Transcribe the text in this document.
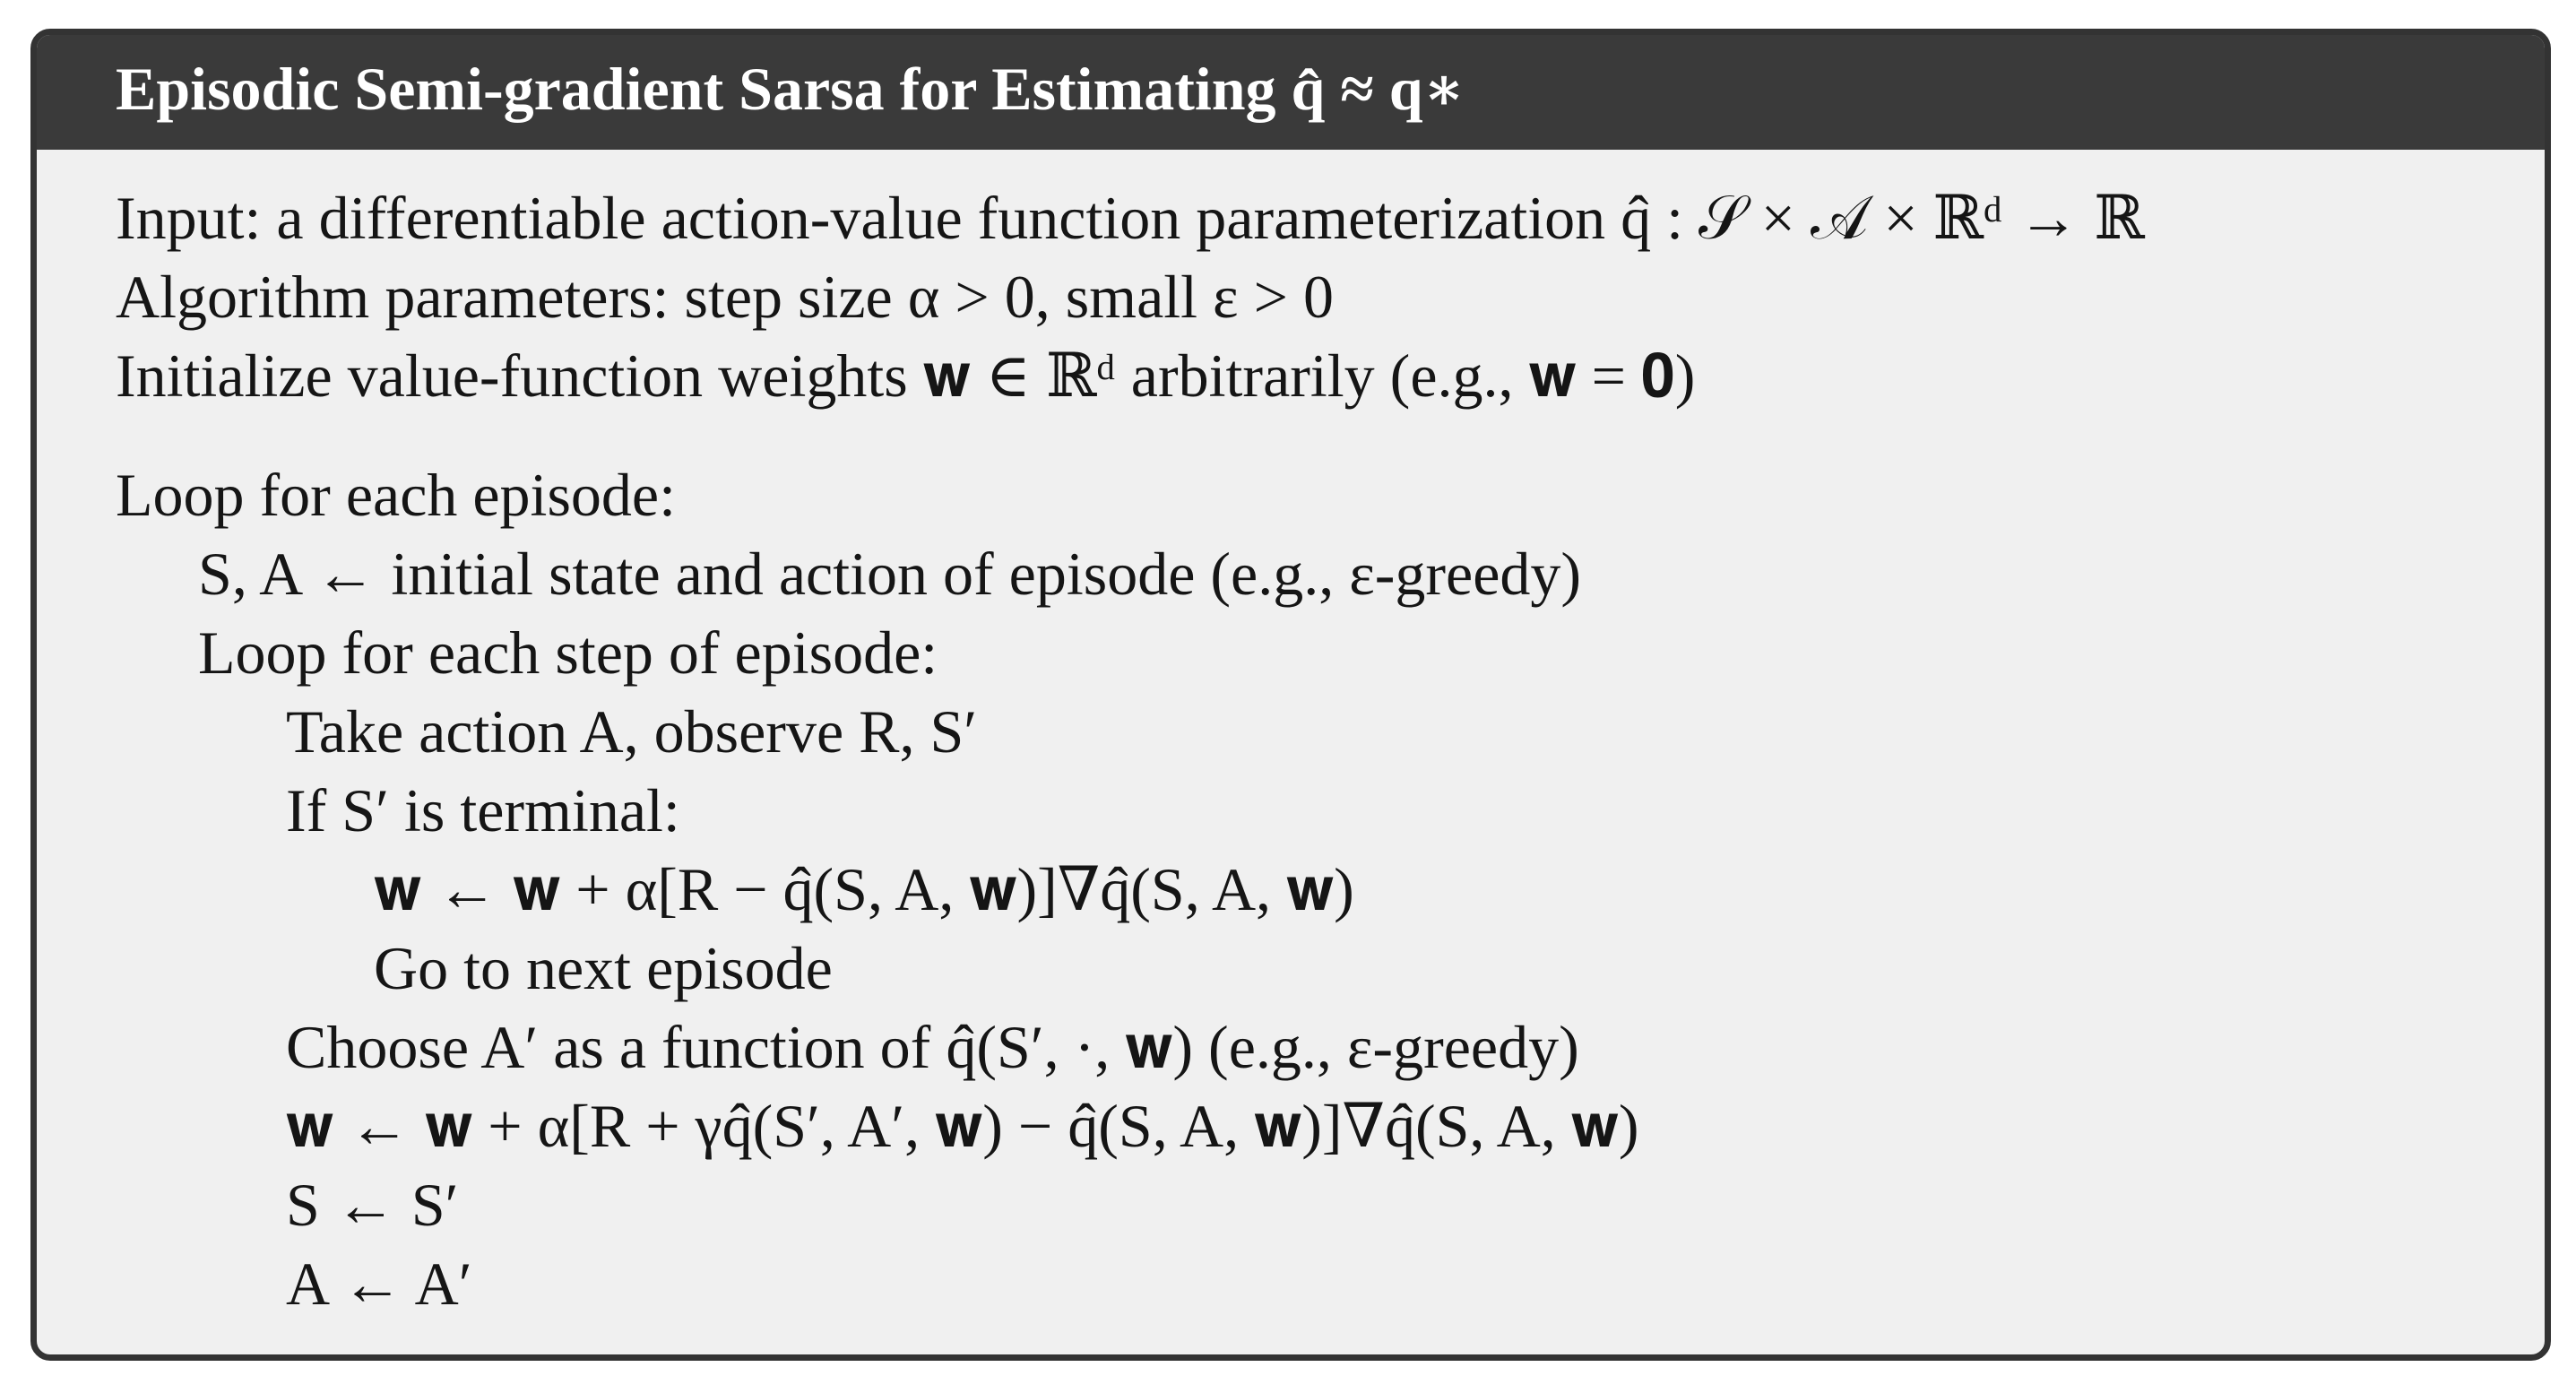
Episodic Semi-gradient Sarsa for Estimating q̂ ≈ q∗
Input: a differentiable action-value function parameterization q̂ : 𝒮 × 𝒜 × ℝᵈ → ℝ
Algorithm parameters: step size α > 0, small ε > 0
Initialize value-function weights 𝐰 ∈ ℝᵈ arbitrarily (e.g., 𝐰 = 𝟎)
Loop for each episode:
S, A ← initial state and action of episode (e.g., ε-greedy)
Loop for each step of episode:
Take action A, observe R, S′
If S′ is terminal:
𝐰 ← 𝐰 + α[R − q̂(S, A, 𝐰)]∇q̂(S, A, 𝐰)
Go to next episode
Choose A′ as a function of q̂(S′, ·, 𝐰) (e.g., ε-greedy)
𝐰 ← 𝐰 + α[R + γq̂(S′, A′, 𝐰) − q̂(S, A, 𝐰)]∇q̂(S, A, 𝐰)
S ← S′
A ← A′
